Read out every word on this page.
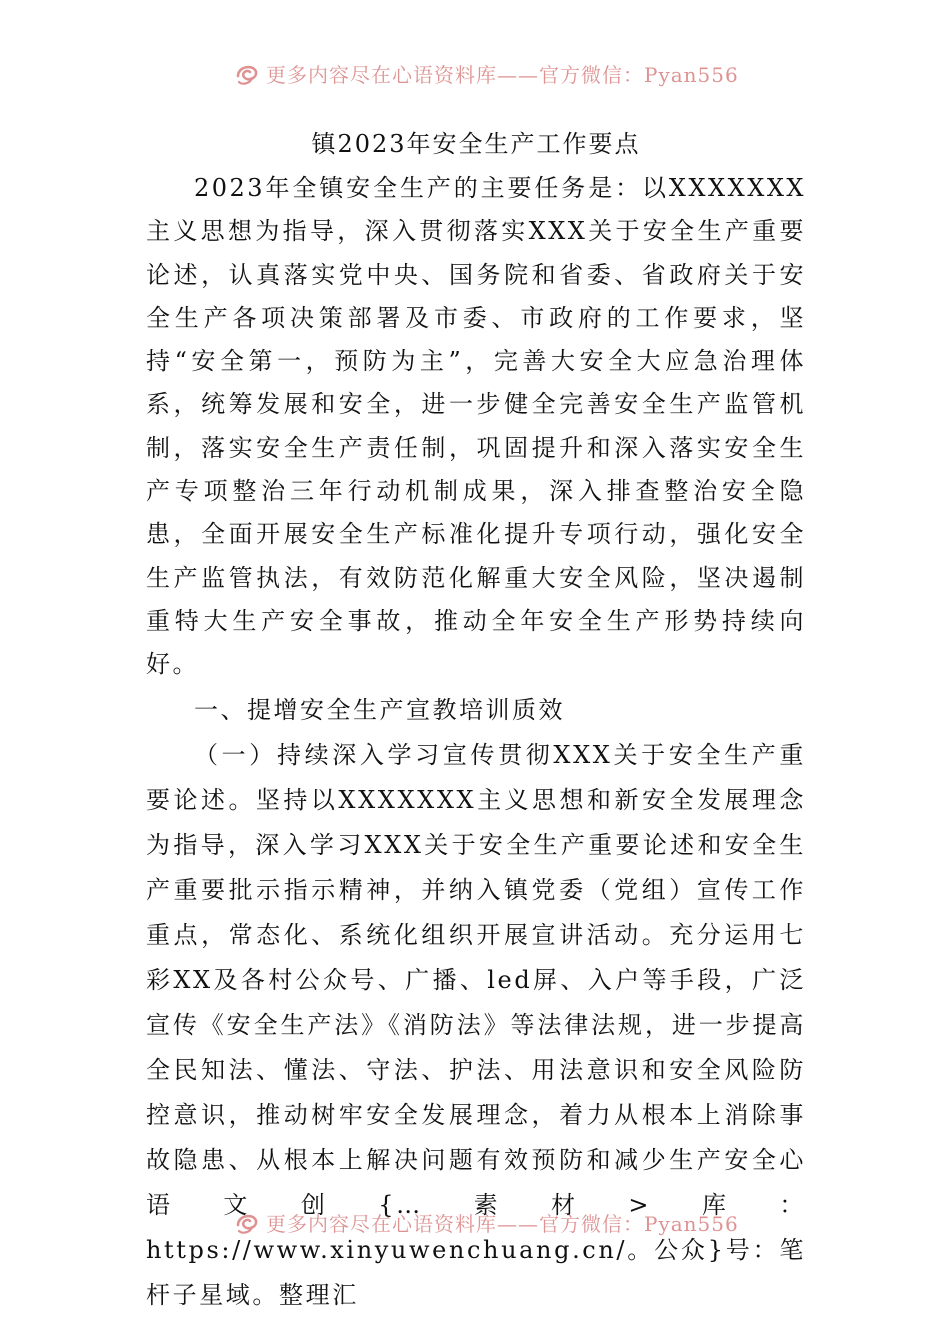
更多内容尽在心语资料库——官方微信：Pyan556
镇2023年安全生产工作要点

2023年全镇安全生产的主要任务是：以XXXXXXX主义思想为指导，深入贯彻落实XXX关于安全生产重要论述，认真落实党中央、国务院和省委、省政府关于安全生产各项决策部署及市委、市政府的工作要求，坚持“安全第一，预防为主”，完善大安全大应急治理体系，统筹发展和安全，进一步健全完善安全生产监管机制，落实安全生产责任制，巩固提升和深入落实安全生产专项整治三年行动机制成果，深入排查整治安全隐患，全面开展安全生产标准化提升专项行动，强化安全生产监管执法，有效防范化解重大安全风险，坚决遏制重特大生产安全事故，推动全年安全生产形势持续向好。

一、提增安全生产宣教培训质效

（一）持续深入学习宣传贯彻XXX关于安全生产重要论述。坚持以XXXXXXX主义思想和新安全发展理念为指导，深入学习XXX关于安全生产重要论述和安全生产重要批示指示精神，并纳入镇党委（党组）宣传工作重点，常态化、系统化组织开展宣讲活动。充分运用七彩XX及各村公众号、广播、led屏、入户等手段，广泛宣传《安全生产法》《消防法》等法律法规，进一步提高全民知法、懂法、守法、护法、用法意识和安全风险防控意识，推动树牢安全发展理念，着力从根本上消除事故隐患、从根本上解决问题有效预防和减少生产安全心语文创{…素材>库：https://www.xinyuwenchuang.cn/。公众}号：笔杆子星域。整理汇

更多内容尽在心语资料库——官方微信：Pyan556
